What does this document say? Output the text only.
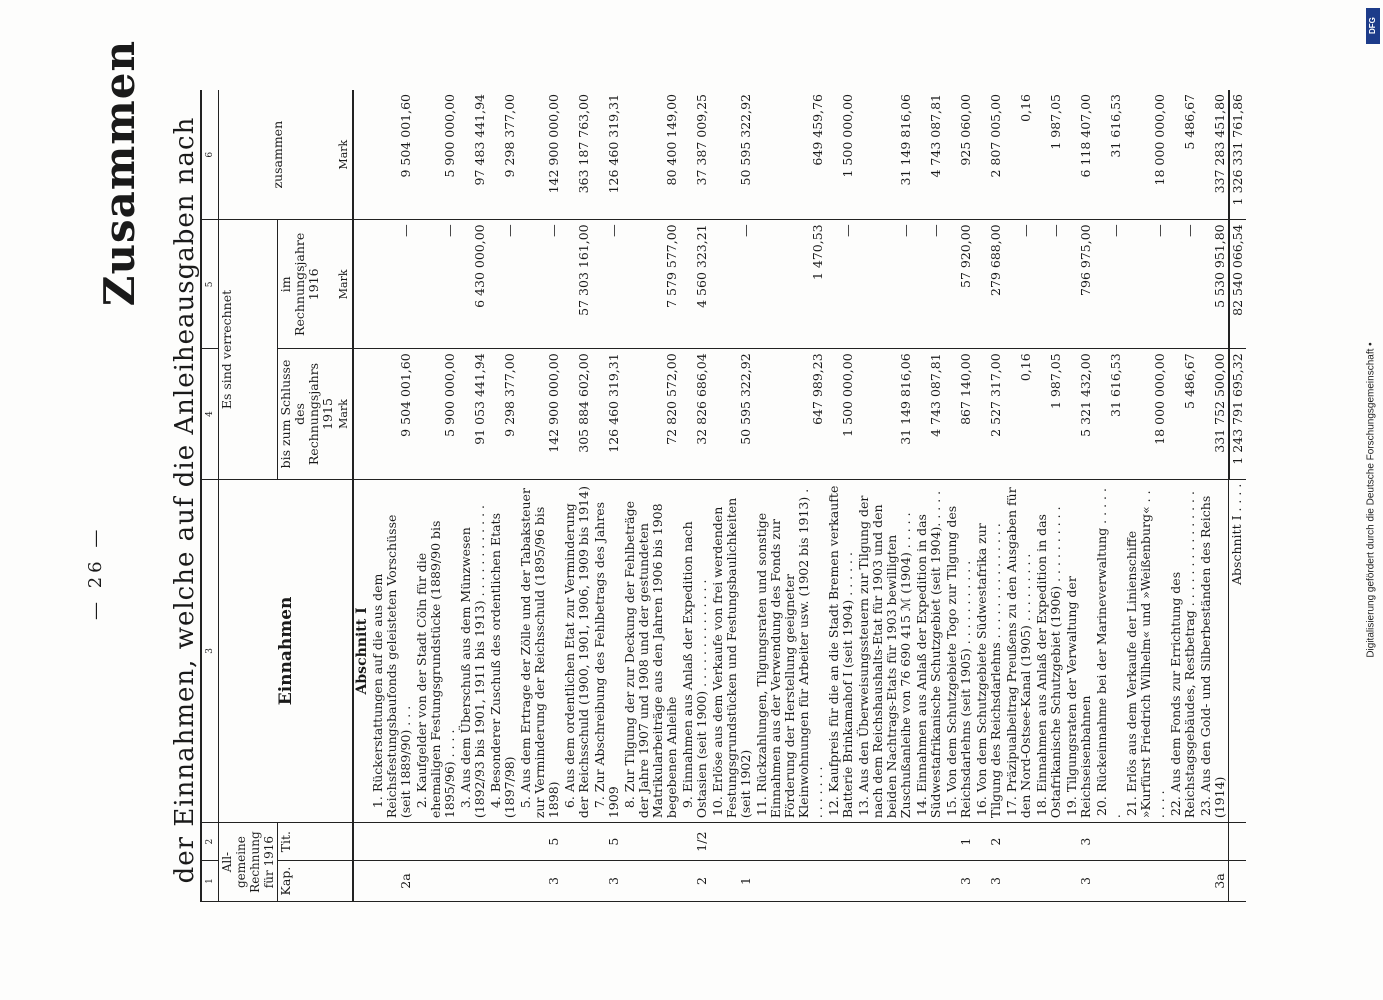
— 26 —
Zusammen der Einnahmen, welche auf die Anleiheausgaben nach 1	2	3	4	5	6
All-gemeine Rechnung für 1916		Einnahmen	Es sind verrechnet		zusammen
Kap.	Tit.		bis zum Schlusse des Rechnungsjahrs 1915	im Rechnungsjahre 1916	
			Mark	Mark	Mark
		Abschnitt I			
2a		1.Rückerstattungen auf die aus dem Reichsfestungsbaufonds geleisteten Vorschüsse (seit 1889/90) . . .	9 504 001,60	—	9 504 001,60
		2.Kaufgelder von der Stadt Cöln für die ehemaligen Festungsgrundstücke (1889/90 bis 1895/96) . . . .	5 900 000,00	—	5 900 000,00
		3.Aus dem Überschuß aus dem Münzwesen (1892/93 bis 1901, 1911 bis 1913) . . . . . . . . . . . .	91 053 441,94	6 430 000,00	97 483 441,94
		4.Besonderer Zuschuß des ordentlichen Etats (1897/98)	9 298 377,00	—	9 298 377,00
3	5	5.Aus dem Ertrage der Zölle und der Tabaksteuer zur Verminderung der Reichsschuld (1895/96 bis 1898)	142 900 000,00	—	142 900 000,00
		6.Aus dem ordentlichen Etat zur Verminderung der Reichsschuld (1900, 1901, 1906, 1909 bis 1914)	305 884 602,00	57 303 161,00	363 187 763,00
3	5	7.Zur Abschreibung des Fehlbetrags des Jahres 1909	126 460 319,31	—	126 460 319,31
		8.Zur Tilgung der zur Deckung der Fehlbeträge der Jahre 1907 und 1908 und der gestundeten Matrikularbeiträge aus den Jahren 1906 bis 1908 begebenen Anleihe	72 820 572,00	7 579 577,00	80 400 149,00
2	1/2	9.Einnahmen aus Anlaß der Expedition nach Ostasien (seit 1900) . . . . . . . . . . . . . .	32 826 686,04	4 560 323,21	37 387 009,25
1		10.Erlöse aus dem Verkaufe von frei werdenden Festungsgrundstücken und Festungsbaulichkeiten (seit 1902)	50 595 322,92	—	50 595 322,92
		11.Rückzahlungen, Tilgungsraten und sonstige Einnahmen aus der Verwendung des Fonds zur Förderung der Herstellung geeigneter Kleinwohnungen für Arbeiter usw. (1902 bis 1913) . . . . . . . .	647 989,23	1 470,53	649 459,76
		12.Kaufpreis für die an die Stadt Bremen verkaufte Batterie Brinkamahof I (seit 1904) . . . . . .	1 500 000,00	—	1 500 000,00
		13.Aus den Überweisungssteuern zur Tilgung der nach dem Reichshaushalts-Etat für 1903 und den beiden Nachtrags-Etats für 1903 bewilligten Zuschußanleihe von 76 690 415 ℳ (1904) . . . . .	31 149 816,06	—	31 149 816,06
		14.Einnahmen aus Anlaß der Expedition in das Südwestafrikanische Schutzgebiet (seit 1904). . . . .	4 743 087,81	—	4 743 087,81
3	1	15.Von dem Schutzgebiete Togo zur Tilgung des Reichsdarlehns (seit 1905) . . . . . . . . . . .	867 140,00	57 920,00	925 060,00
3	2	16.Von dem Schutzgebiete Südwestafrika zur Tilgung des Reichsdarlehns . . . . . . . . . . . . . . .	2 527 317,00	279 688,00	2 807 005,00
		17.Präzipualbeitrag Preußens zu den Ausgaben für den Nord-Ostsee-Kanal (1905) . . . . . . . . .	0,16	—	0,16
		18.Einnahmen aus Anlaß der Expedition in das Ostafrikanische Schutzgebiet (1906) . . . . . . . . . .	1 987,05	—	1 987,05
3	3	19.Tilgungsraten der Verwaltung der Reichseisenbahnen	5 321 432,00	796 975,00	6 118 407,00
		20.Rückeinnahme bei der Marineverwaltung . . . . . .	31 616,53	—	31 616,53
		21.Erlös aus dem Verkaufe der Linienschiffe »Kurfürst Friedrich Wilhelm« und »Weißenburg« . . . . . .	18 000 000,00	—	18 000 000,00
		22.Aus dem Fonds zur Errichtung des Reichstagsgebäudes, Restbetrag . . . . . . . . . . . . . . .	5 486,67	—	5 486,67
3a		23.Aus den Gold- und Silberbeständen des Reichs (1914)	331 752 500,00	5 530 951,80	337 283 451,80
		Abschnitt I . . . .	1 243 791 695,32	82 540 066,54	1 326 331 761,86
DFG
Digitalisierung gefördert durch die Deutsche Forschungsgemeinschaft •
